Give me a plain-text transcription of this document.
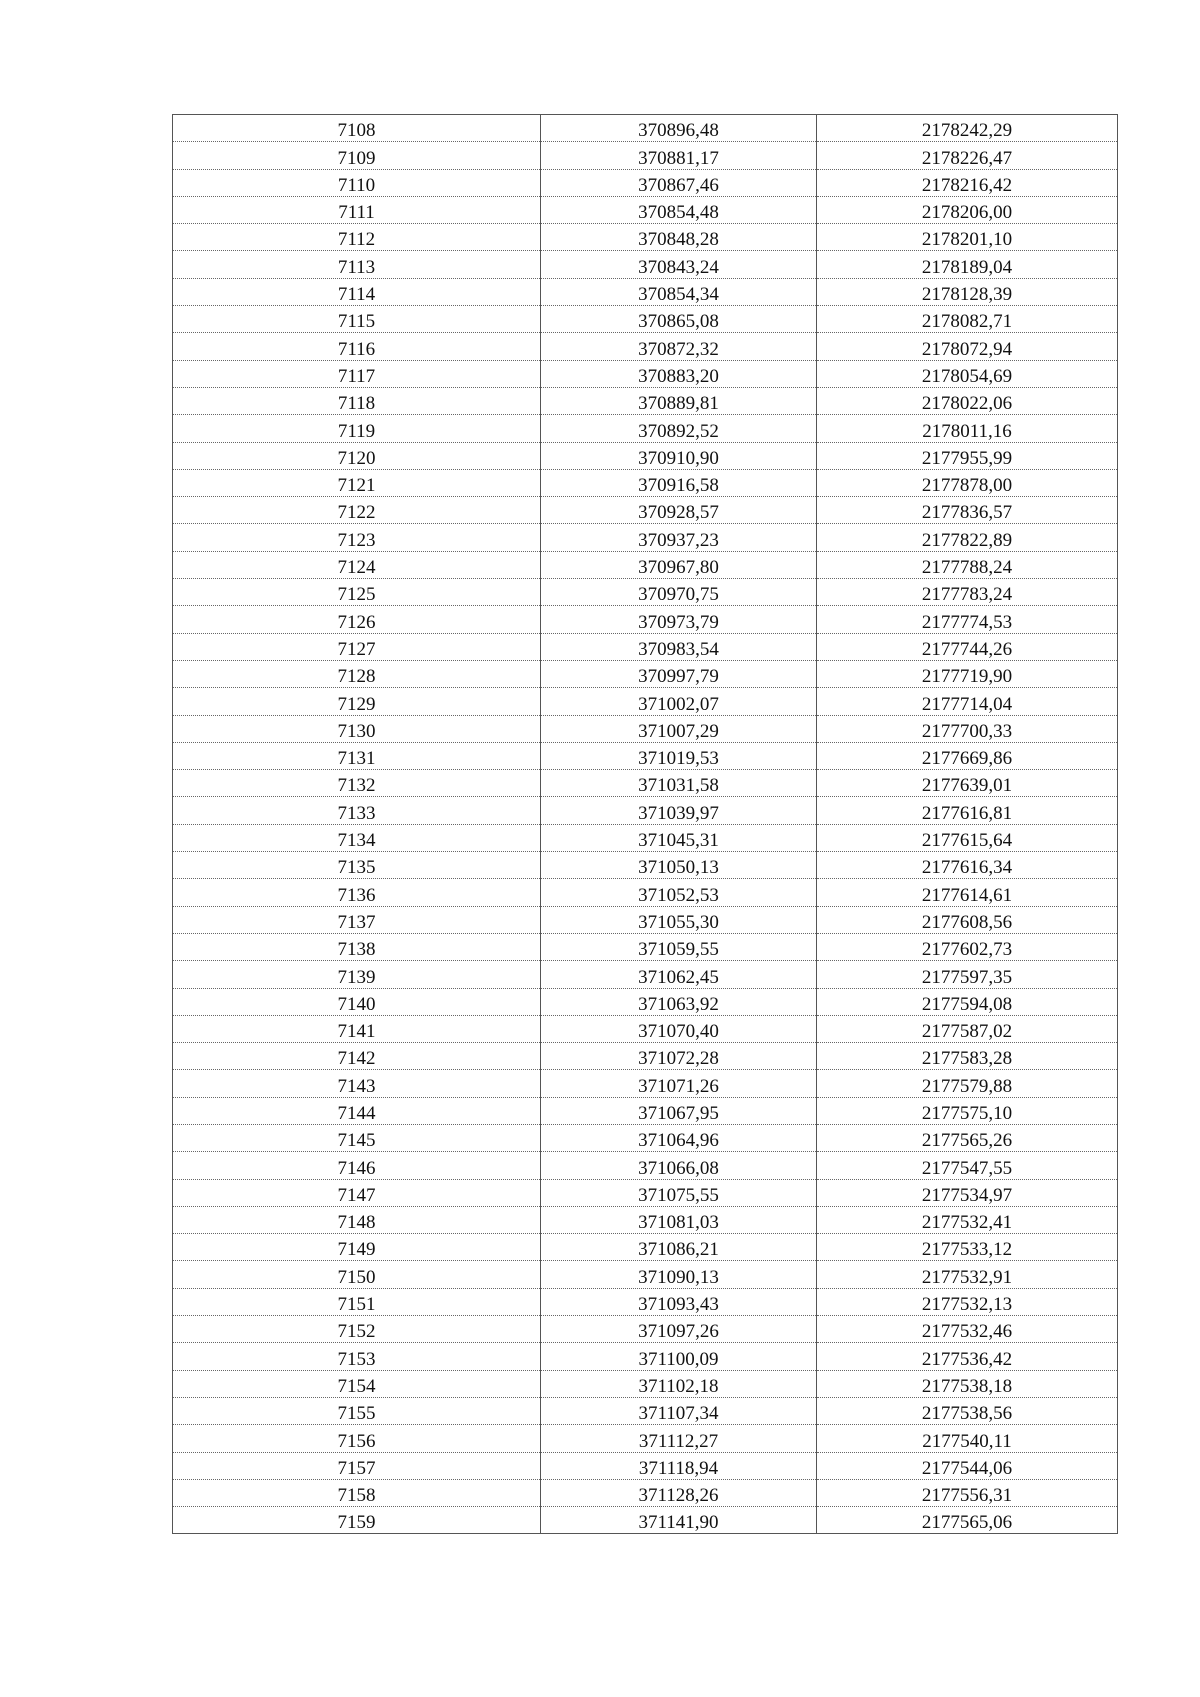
7108	370896,48	2178242,29
7109	370881,17	2178226,47
7110	370867,46	2178216,42
7111	370854,48	2178206,00
7112	370848,28	2178201,10
7113	370843,24	2178189,04
7114	370854,34	2178128,39
7115	370865,08	2178082,71
7116	370872,32	2178072,94
7117	370883,20	2178054,69
7118	370889,81	2178022,06
7119	370892,52	2178011,16
7120	370910,90	2177955,99
7121	370916,58	2177878,00
7122	370928,57	2177836,57
7123	370937,23	2177822,89
7124	370967,80	2177788,24
7125	370970,75	2177783,24
7126	370973,79	2177774,53
7127	370983,54	2177744,26
7128	370997,79	2177719,90
7129	371002,07	2177714,04
7130	371007,29	2177700,33
7131	371019,53	2177669,86
7132	371031,58	2177639,01
7133	371039,97	2177616,81
7134	371045,31	2177615,64
7135	371050,13	2177616,34
7136	371052,53	2177614,61
7137	371055,30	2177608,56
7138	371059,55	2177602,73
7139	371062,45	2177597,35
7140	371063,92	2177594,08
7141	371070,40	2177587,02
7142	371072,28	2177583,28
7143	371071,26	2177579,88
7144	371067,95	2177575,10
7145	371064,96	2177565,26
7146	371066,08	2177547,55
7147	371075,55	2177534,97
7148	371081,03	2177532,41
7149	371086,21	2177533,12
7150	371090,13	2177532,91
7151	371093,43	2177532,13
7152	371097,26	2177532,46
7153	371100,09	2177536,42
7154	371102,18	2177538,18
7155	371107,34	2177538,56
7156	371112,27	2177540,11
7157	371118,94	2177544,06
7158	371128,26	2177556,31
7159	371141,90	2177565,06
